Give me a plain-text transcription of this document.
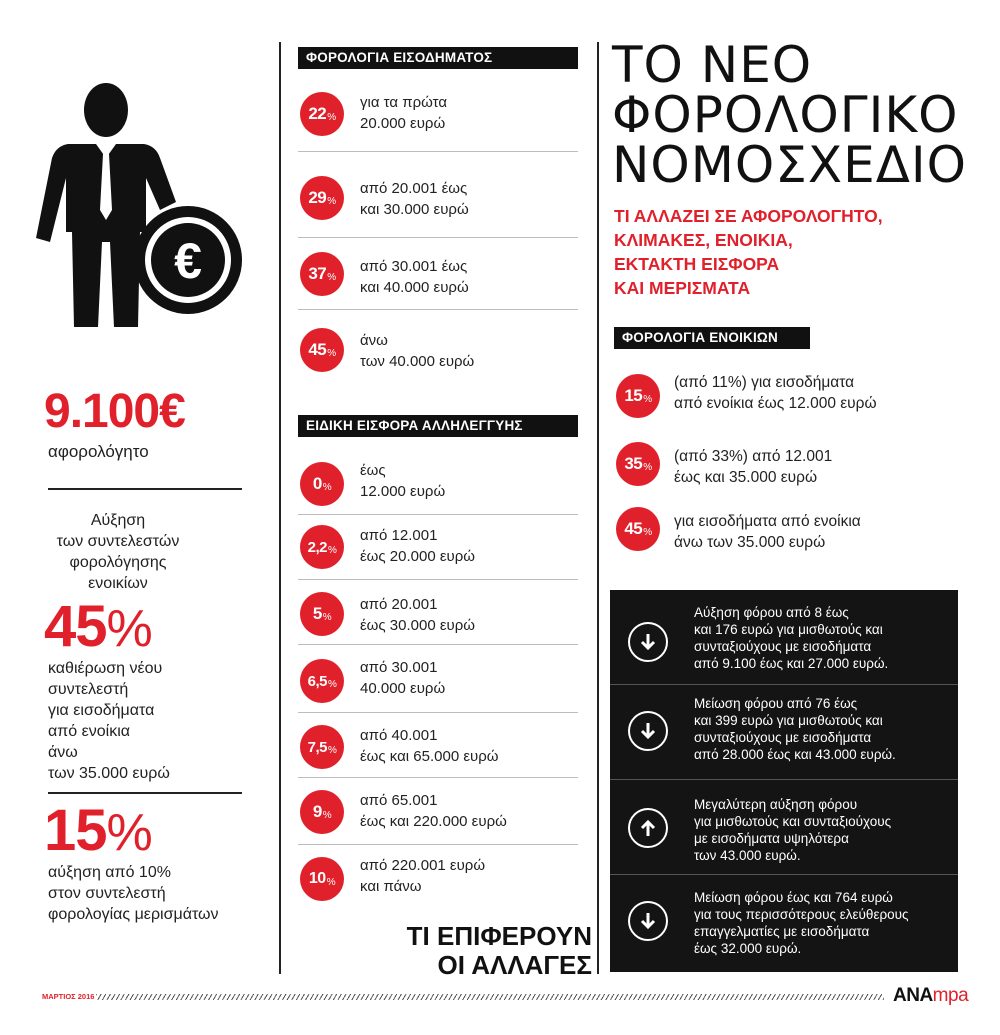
€
9.100€
αφορολόγητο
Αύξηση
των συντελεστών
φορολόγησης ενοικίων
45%
καθιέρωση νέου
συντελεστή
για εισοδήματα
από ενοίκια
άνω
των 35.000 ευρώ
15%
αύξηση από 10%
στον συντελεστή
φορολογίας μερισμάτων
ΦΟΡΟΛΟΓΙΑ ΕΙΣΟΔΗΜΑΤΟΣ
22 %
για τα πρώτα
20.000 ευρώ
29 %
από 20.001 έως
και 30.000 ευρώ
37 %
από 30.001 έως
και 40.000 ευρώ
45 %
άνω
των 40.000 ευρώ
ΕΙΔΙΚΗ ΕΙΣΦΟΡΑ ΑΛΛΗΛΕΓΓΥΗΣ
0 %
έως
12.000 ευρώ
2,2 %
από 12.001
έως 20.000 ευρώ
5 %
από 20.001
έως 30.000 ευρώ
6,5 %
από 30.001
40.000 ευρώ
7,5 %
από 40.001
έως και 65.000 ευρώ
9 %
από 65.001
έως και 220.000 ευρώ
10 %
από 220.001 ευρώ
και πάνω
ΤΙ ΕΠΙΦΕΡΟΥΝ
ΟΙ ΑΛΛΑΓΕΣ
ΤΟ ΝΕΟ
ΦΟΡΟΛΟΓΙΚΟ
ΝΟΜΟΣΧΕΔΙΟ
ΤΙ ΑΛΛΑΖΕΙ ΣΕ ΑΦΟΡΟΛΟΓΗΤΟ,
ΚΛΙΜΑΚΕΣ, ΕΝΟΙΚΙΑ,
ΕΚΤΑΚΤΗ ΕΙΣΦΟΡΑ
ΚΑΙ ΜΕΡΙΣΜΑΤΑ
ΦΟΡΟΛΟΓΙΑ ΕΝΟΙΚΙΩΝ
15 %
(από 11%) για εισοδήματα
από ενοίκια έως 12.000 ευρώ
35 %
(από 33%) από 12.001
έως και 35.000 ευρώ
45 %
για εισοδήματα από ενοίκια
άνω των 35.000 ευρώ
Αύξηση φόρου από 8 έως
και 176 ευρώ για μισθωτούς και
συνταξιούχους με εισοδήματα
από 9.100 έως και 27.000 ευρώ.
Μείωση φόρου από 76 έως
και 399 ευρώ για μισθωτούς και
συνταξιούχους με εισοδήματα
από 28.000 έως και 43.000 ευρώ.
Μεγαλύτερη αύξηση φόρου
για μισθωτούς και συνταξιούχους
με εισοδήματα υψηλότερα
των 43.000 ευρώ.
Μείωση φόρου έως και 764 ευρώ
για τους περισσότερους ελεύθερους
επαγγελματίες με εισοδήματα
έως 32.000 ευρώ.
ΜΑΡΤΙΟΣ 2016	ANAmpa
